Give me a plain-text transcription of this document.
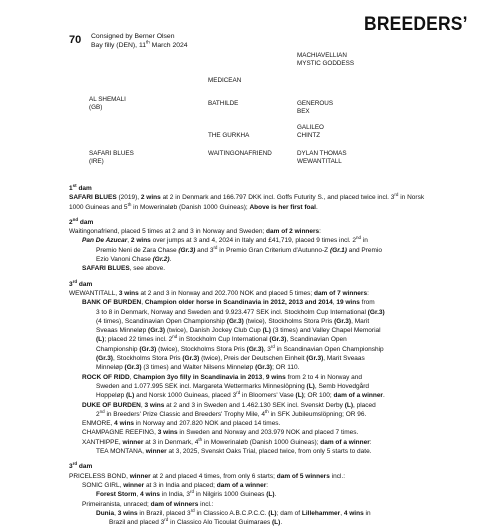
BREEDERS’
70 Consigned by Berner Olsen
Bay filly (DEN), 11th March 2024
AL SHEMALI
(GB)
MEDICEAN
MACHIAVELLIAN
MYSTIC GODDESS
BATHILDE	GENEROUS
BEX
SAFARI BLUES
(IRE)
THE GURKHA
GALILEO
CHINTZ
WAITINGONAFRIEND	DYLAN THOMAS
WEWANTITALL
1st dam

SAFARI BLUES (2019), 2 wins at 2 in Denmark and 166.797 DKK incl. Goffs Futurity S., and placed twice incl. 3rd in Norsk 1000 Guineas and 5th in Mowerinaløb (Danish 1000 Guineas); Above is her first foal.

2nd dam

Waitingonafriend, placed 5 times at 2 and 3 in Norway and Sweden; dam of 2 winners:

Pan De Azucar, 2 wins over jumps at 3 and 4, 2024 in Italy and £41,719, placed 9 times incl. 2nd in

Premio Neni de Zara Chase (Gr.3) and 3rd in Premio Gran Criterium d'Autunno-Z (Gr.1) and Premio

Ezio Vanoni Chase (Gr.2).

SAFARI BLUES, see above.

3rd dam

WEWANTITALL, 3 wins at 2 and 3 in Norway and 202.700 NOK and placed 5 times; dam of 7 winners:

BANK OF BURDEN, Champion older horse in Scandinavia in 2012, 2013 and 2014, 19 wins from

3 to 8 in Denmark, Norway and Sweden and 9.923.477 SEK incl. Stockholm Cup International (Gr.3)

(4 times), Scandinavian Open Championship (Gr.3) (twice), Stockholms Stora Pris (Gr.3), Marit

Sveaas Minneløp (Gr.3) (twice), Danish Jockey Club Cup (L) (3 times) and Valley Chapel Memorial

(L); placed 22 times incl. 2nd in Stockholm Cup International (Gr.3), Scandinavian Open

Championship (Gr.3) (twice), Stockholms Stora Pris (Gr.3), 3rd in Scandinavian Open Championship

(Gr.3), Stockholms Stora Pris (Gr.3) (twice), Preis der Deutschen Einheit (Gr.3), Marit Sveaas

Minneløp (Gr.3) (3 times) and Walter Nilsens Minneløp (Gr.3); OR 110.

ROCK OF RIDD, Champion 3yo filly in Scandinavia in 2013, 9 wins from 2 to 4 in Norway and

Sweden and 1.077.995 SEK incl. Margareta Wettermarks Minneslöpning (L), Semb Hovedgård

Hoppeløp (L) and Norsk 1000 Guineas, placed 3rd in Bloomers' Vase (L); OR 100; dam of a winner.

DUKE OF BURDEN, 3 wins at 2 and 3 in Sweden and 1.462.130 SEK incl. Svenskt Derby (L), placed

2nd in Breeders' Prize Classic and Breeders' Trophy Mile, 4th in SFK Jubileumslöpning; OR 96.

ENMORE, 4 wins in Norway and 207.820 NOK and placed 14 times.

CHAMPAGNE REEFING, 3 wins in Sweden and Norway and 203.979 NOK and placed 7 times.

XANTHIPPE, winner at 3 in Denmark, 4th in Mowerinaløb (Danish 1000 Guineas); dam of a winner:

TEA MONTANA, winner at 3, 2025, Svenskt Oaks Trial, placed twice, from only 5 starts to date.

3rd dam

PRICELESS BOND, winner at 2 and placed 4 times, from only 6 starts; dam of 5 winners incl.:

SONIC GIRL, winner at 3 in India and placed; dam of a winner:

Forest Storm, 4 wins in India, 3rd in Nilgiris 1000 Guineas (L).

Primeiranista, unraced; dam of winners incl.:

Dunia, 3 wins in Brazil, placed 3rd in Classico A.B.C.P.C.C. (L); dam of Lillehammer, 4 wins in

Brazil and placed 3rd in Classico Alo Ticoulat Guimaraes (L).
